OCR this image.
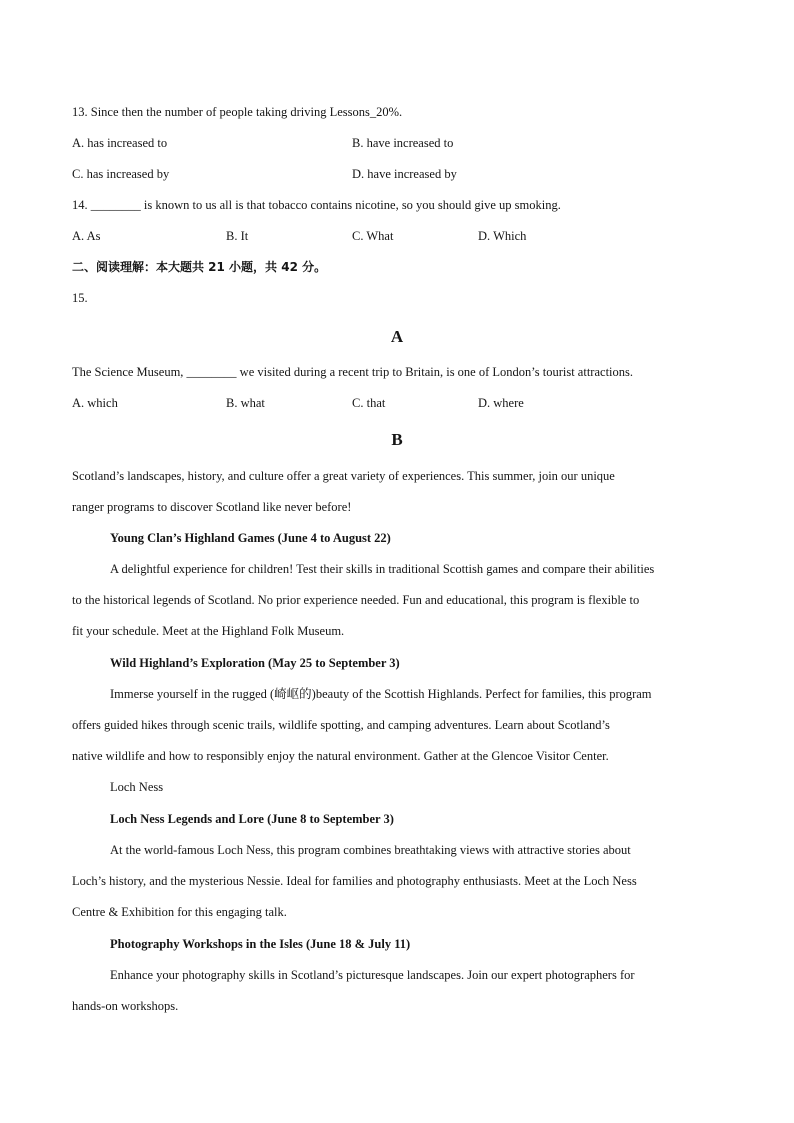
13. Since then the number of people taking driving Lessons_20%.
A. has increased to	B. have increased to
C. has increased by	D. have increased by
14. ________ is known to us all is that tobacco contains nicotine, so you should give up smoking.
A. As	B. It	C. What	D. Which
二、阅读理解：本大题共 21 小题，共 42 分。
15.
A
The Science Museum, ________ we visited during a recent trip to Britain, is one of London’s tourist attractions.
A. which	B. what	C. that	D. where
B
Scotland’s landscapes, history, and culture offer a great variety of experiences. This summer, join our unique
ranger programs to discover Scotland like never before!
Young Clan’s Highland Games (June 4 to August 22)
A delightful experience for children! Test their skills in traditional Scottish games and compare their abilities
to the historical legends of Scotland. No prior experience needed. Fun and educational, this program is flexible to
fit your schedule. Meet at the Highland Folk Museum.
Wild Highland’s Exploration (May 25 to September 3)
Immerse yourself in the rugged (崎岖的)beauty of the Scottish Highlands. Perfect for families, this program
offers guided hikes through scenic trails, wildlife spotting, and camping adventures. Learn about Scotland’s
native wildlife and how to responsibly enjoy the natural environment. Gather at the Glencoe Visitor Center.
Loch Ness
Loch Ness Legends and Lore (June 8 to September 3)
At the world-famous Loch Ness, this program combines breathtaking views with attractive stories about
Loch’s history, and the mysterious Nessie. Ideal for families and photography enthusiasts. Meet at the Loch Ness
Centre & Exhibition for this engaging talk.
Photography Workshops in the Isles (June 18 & July 11)
Enhance your photography skills in Scotland’s picturesque landscapes. Join our expert photographers for
hands-on workshops.
